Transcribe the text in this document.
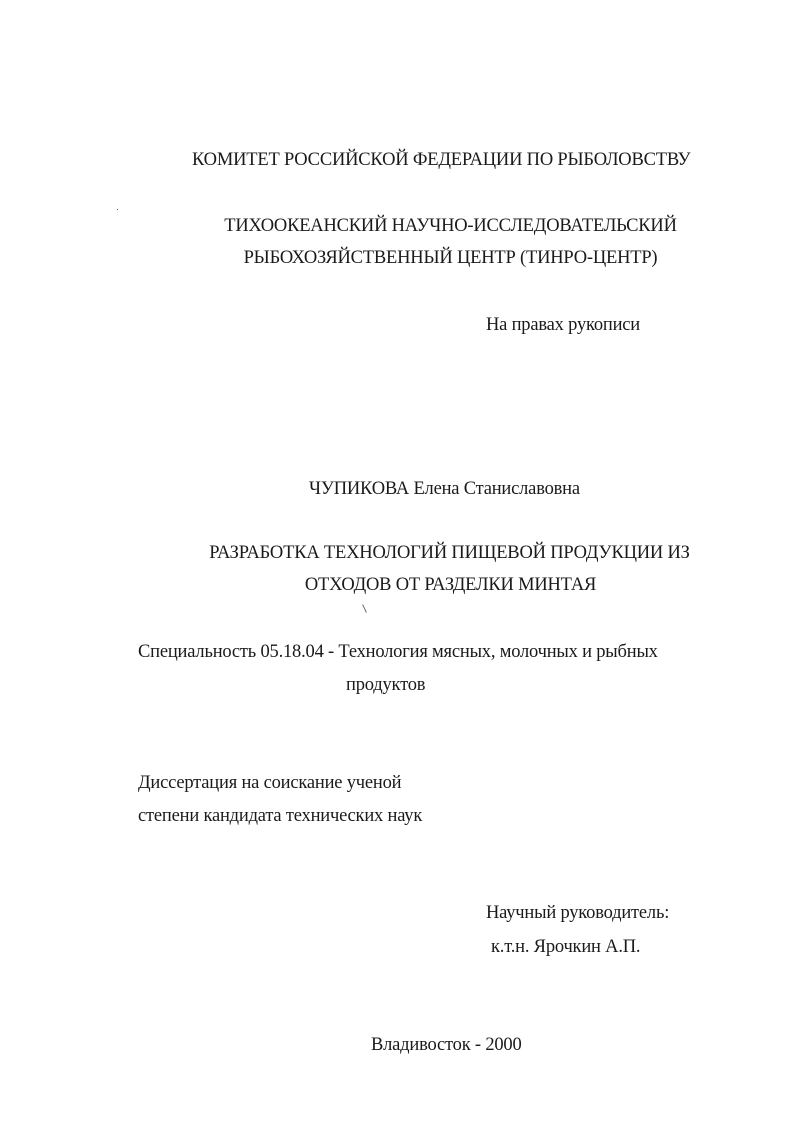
КОМИТЕТ РОССИЙСКОЙ ФЕДЕРАЦИИ ПО РЫБОЛОВСТВУ
ТИХООКЕАНСКИЙ НАУЧНО-ИССЛЕДОВАТЕЛЬСКИЙ
РЫБОХОЗЯЙСТВЕННЫЙ ЦЕНТР (ТИНРО-ЦЕНТР)
На правах рукописи
ЧУПИКОВА Елена Станиславовна
РАЗРАБОТКА ТЕХНОЛОГИЙ ПИЩЕВОЙ ПРОДУКЦИИ ИЗ
ОТХОДОВ ОТ РАЗДЕЛКИ МИНТАЯ
Специальность 05.18.04 - Технология мясных, молочных и рыбных
продуктов
Диссертация на соискание ученой
степени кандидата технических наук
Научный руководитель:
к.т.н. Ярочкин А.П.
Владивосток - 2000
